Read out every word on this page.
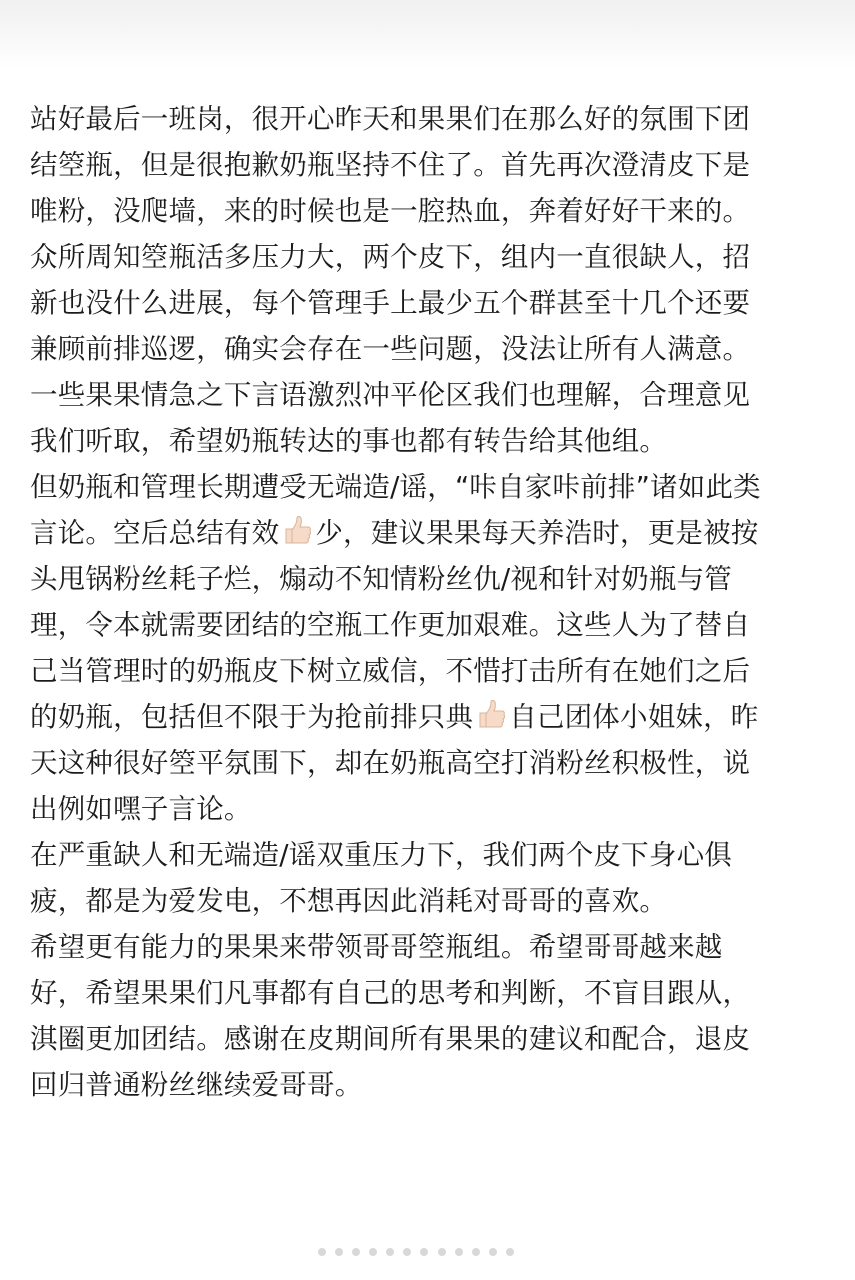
站好最后一班岗，很开心昨天和果果们在那么好的氛围下团
结箜瓶，但是很抱歉奶瓶坚持不住了。首先再次澄清皮下是
唯粉，没爬墙，来的时候也是一腔热血，奔着好好干来的。
众所周知箜瓶活多压力大，两个皮下，组内一直很缺人，招
新也没什么进展，每个管理手上最少五个群甚至十几个还要
兼顾前排巡逻，确实会存在一些问题，没法让所有人满意。
一些果果情急之下言语激烈冲平伦区我们也理解，合理意见
我们听取，希望奶瓶转达的事也都有转告给其他组。
但奶瓶和管理长期遭受无端造/谣，“咔自家咔前排”诸如此类
言论。空后总结有效 少，建议果果每天养浩时，更是被按
头甩锅粉丝耗子烂，煽动不知情粉丝仇/视和针对奶瓶与管
理，令本就需要团结的空瓶工作更加艰难。这些人为了替自
己当管理时的奶瓶皮下树立威信，不惜打击所有在她们之后
的奶瓶，包括但不限于为抢前排只典 自己团体小姐妹，昨
天这种很好箜平氛围下，却在奶瓶高空打消粉丝积极性，说
出例如嘿子言论。
在严重缺人和无端造/谣双重压力下，我们两个皮下身心俱
疲，都是为爱发电，不想再因此消耗对哥哥的喜欢。
希望更有能力的果果来带领哥哥箜瓶组。希望哥哥越来越
好，希望果果们凡事都有自己的思考和判断，不盲目跟从，
淇圈更加团结。感谢在皮期间所有果果的建议和配合，退皮
回归普通粉丝继续爱哥哥。
